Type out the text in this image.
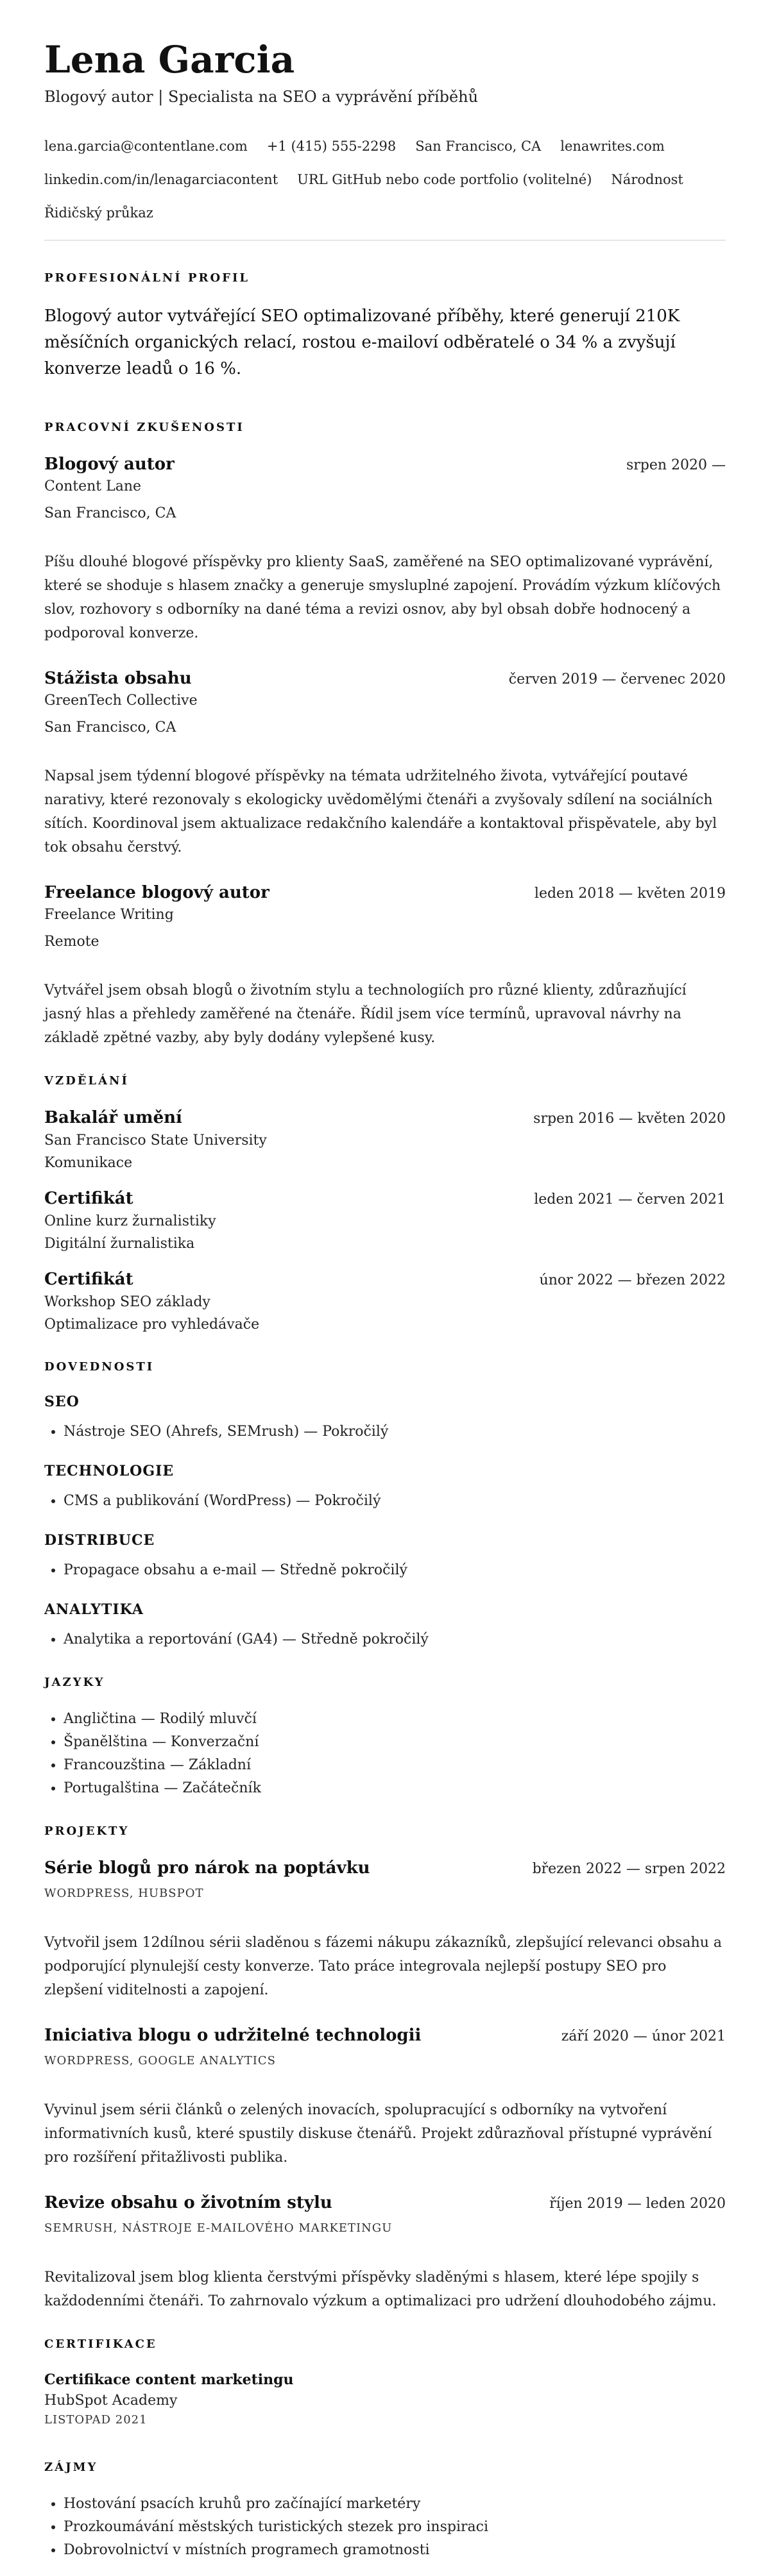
Lena Garcia
Blogový autor | Specialista na SEO a vyprávění příběhů
lena.garcia@contentlane.com +1 (415) 555-2298 San Francisco, CA lenawrites.com
linkedin.com/in/lenagarciacontent URL GitHub nebo code portfolio (volitelné) Národnost
Řidičský průkaz
PROFESIONÁLNÍ PROFIL

Blogový autor vytvářející SEO optimalizované příběhy, které generují 210K měsíčních organických relací, rostou e-mailoví odběratelé o 34 % a zvyšují konverze leadů o 16 %.

PRACOVNÍ ZKUŠENOSTI
Blogový autor	srpen 2020 —
Content Lane
San Francisco, CA

Píšu dlouhé blogové příspěvky pro klienty SaaS, zaměřené na SEO optimalizované vyprávění, které se shoduje s hlasem značky a generuje smysluplné zapojení. Provádím výzkum klíčových slov, rozhovory s odborníky na dané téma a revizi osnov, aby byl obsah dobře hodnocený a podporoval konverze.

Stážista obsahu	červen 2019 — červenec 2020
GreenTech Collective
San Francisco, CA

Napsal jsem týdenní blogové příspěvky na témata udržitelného života, vytvářející poutavé narativy, které rezonovaly s ekologicky uvědomělými čtenáři a zvyšovaly sdílení na sociálních sítích. Koordinoval jsem aktualizace redakčního kalendáře a kontaktoval přispěvatele, aby byl tok obsahu čerstvý.

Freelance blogový autor	leden 2018 — květen 2019
Freelance Writing
Remote

Vytvářel jsem obsah blogů o životním stylu a technologiích pro různé klienty, zdůrazňující jasný hlas a přehledy zaměřené na čtenáře. Řídil jsem více termínů, upravoval návrhy na základě zpětné vazby, aby byly dodány vylepšené kusy.

VZDĚLÁNÍ
Bakalář umění	srpen 2016 — květen 2020
San Francisco State University
Komunikace
Certifikát	leden 2021 — červen 2021
Online kurz žurnalistiky
Digitální žurnalistika
Certifikát	únor 2022 — březen 2022
Workshop SEO základy
Optimalizace pro vyhledávače
DOVEDNOSTI
SEO
• Nástroje SEO (Ahrefs, SEMrush) — Pokročilý
TECHNOLOGIE
• CMS a publikování (WordPress) — Pokročilý
DISTRIBUCE
• Propagace obsahu a e-mail — Středně pokročilý
ANALYTIKA
• Analytika a reportování (GA4) — Středně pokročilý
JAZYKY
• Angličtina — Rodilý mluvčí
• Španělština — Konverzační
• Francouzština — Základní
• Portugalština — Začátečník
PROJEKTY
Série blogů pro nárok na poptávku	březen 2022 — srpen 2022
WORDPRESS, HUBSPOT

Vytvořil jsem 12dílnou sérii sladěnou s fázemi nákupu zákazníků, zlepšující relevanci obsahu a podporující plynulejší cesty konverze. Tato práce integrovala nejlepší postupy SEO pro zlepšení viditelnosti a zapojení.

Iniciativa blogu o udržitelné technologii	září 2020 — únor 2021
WORDPRESS, GOOGLE ANALYTICS

Vyvinul jsem sérii článků o zelených inovacích, spolupracující s odborníky na vytvoření informativních kusů, které spustily diskuse čtenářů. Projekt zdůrazňoval přístupné vyprávění pro rozšíření přitažlivosti publika.

Revize obsahu o životním stylu	říjen 2019 — leden 2020
SEMRUSH, NÁSTROJE E-MAILOVÉHO MARKETINGU

Revitalizoval jsem blog klienta čerstvými příspěvky sladěnými s hlasem, které lépe spojily s každodenními čtenáři. To zahrnovalo výzkum a optimalizaci pro udržení dlouhodobého zájmu.

CERTIFIKACE
Certifikace content marketingu
HubSpot Academy
LISTOPAD 2021
ZÁJMY
• Hostování psacích kruhů pro začínající marketéry
• Prozkoumávání městských turistických stezek pro inspiraci
• Dobrovolnictví v místních programech gramotnosti
